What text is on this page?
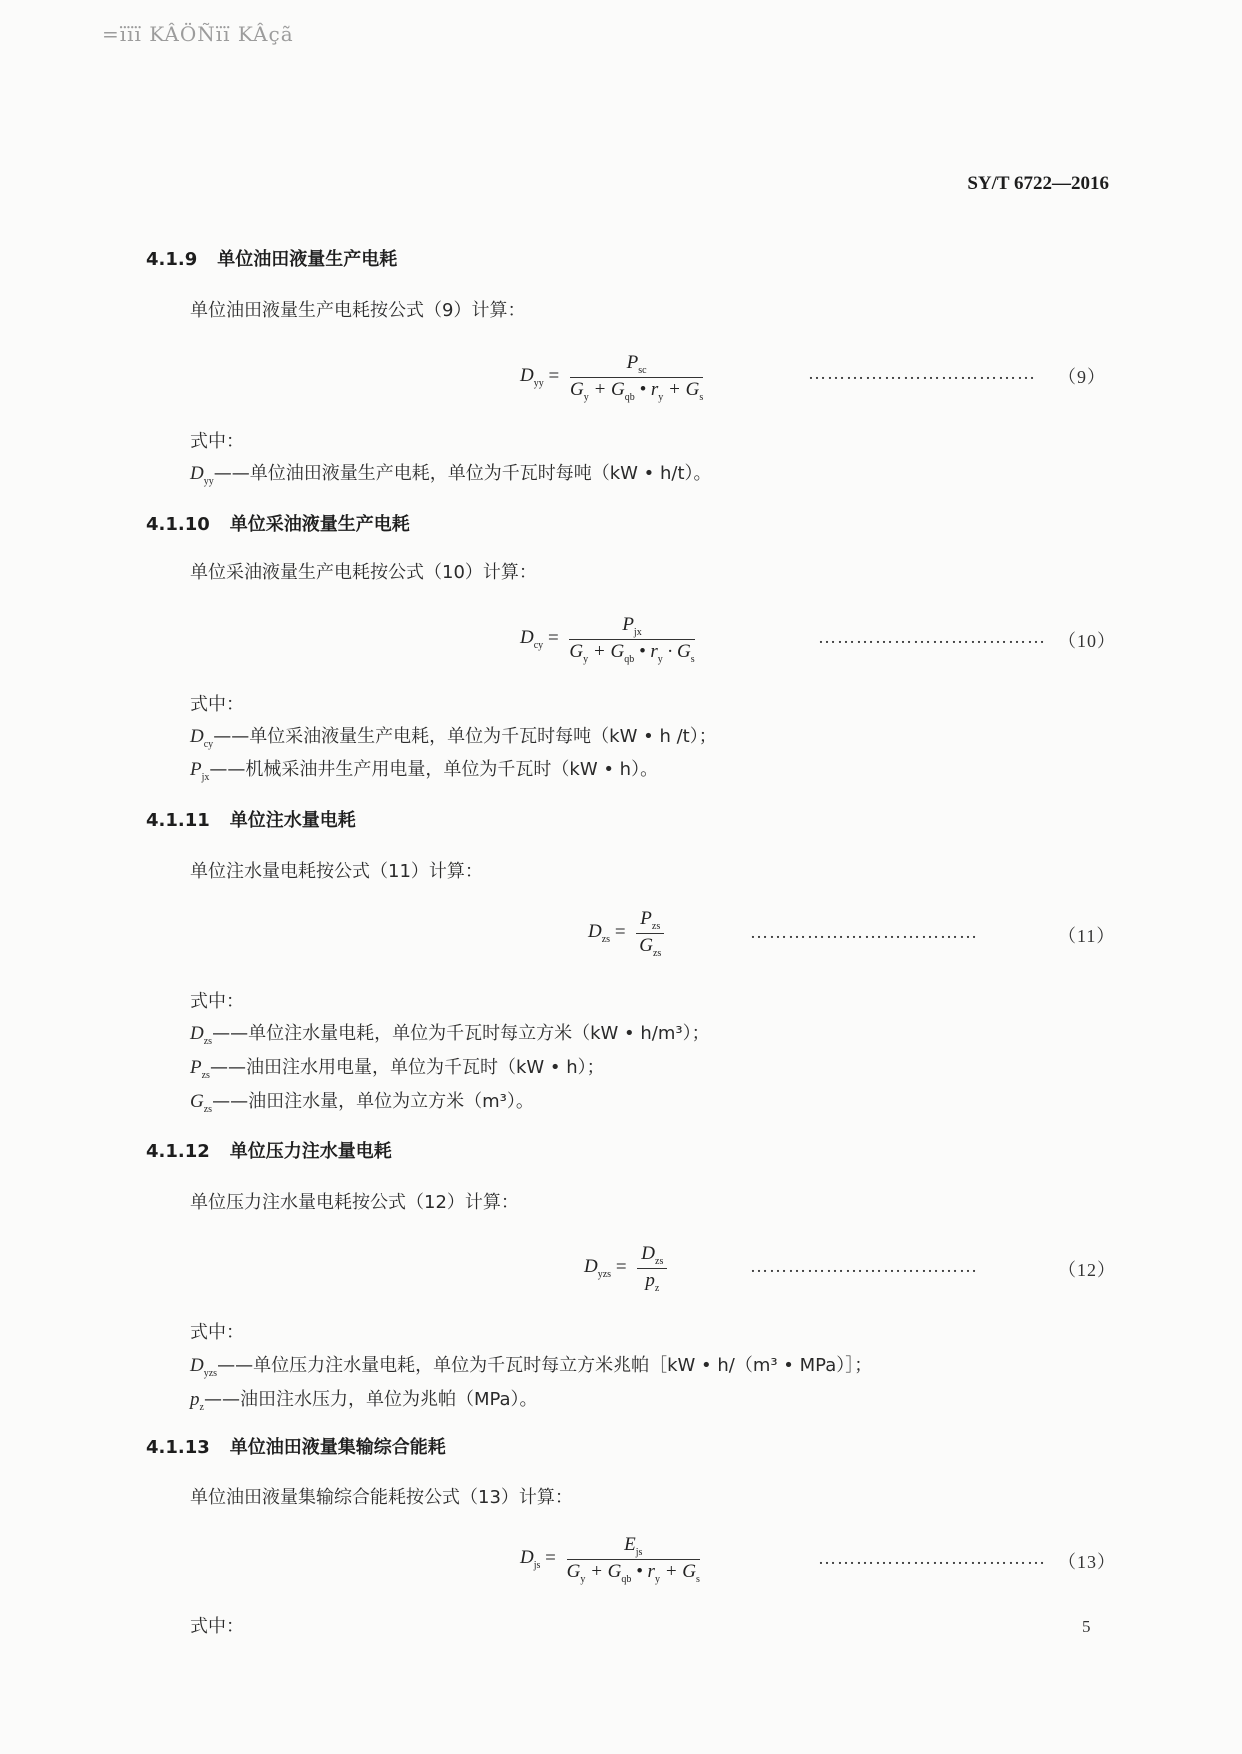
=ïïï KÂÖÑïï KÂçã
SY/T 6722—2016
4.1.9 单位油田液量生产电耗
单位油田液量生产电耗按公式（9）计算：
$D_{yy} = \frac{P_{sc}}{G_y + G_{qb} • r_y + G_s}$	……………………………… （9）
式中：
$D_{yy}——$单位油田液量生产电耗，单位为千瓦时每吨（kW • h/t）。
4.1.10 单位采油液量生产电耗
单位采油液量生产电耗按公式（10）计算：
$D_{cy} = \frac{P_{jx}}{G_y + G_{qb} • r_y \cdot G_s}$	……………………………… （10）
式中：
$D_{cy}——$单位采油液量生产电耗，单位为千瓦时每吨（kW • h /t）；
$P_{jx}——$机械采油井生产用电量，单位为千瓦时（kW • h）。
4.1.11 单位注水量电耗
单位注水量电耗按公式（11）计算：
$D_{zs} = \frac{P_{zs}}{G_{zs}}$	………………………………	（11）
式中：
$D_{zs}——$单位注水量电耗，单位为千瓦时每立方米（kW • h/m³）；
$P_{zs}——$油田注水用电量，单位为千瓦时（kW • h）；
$G_{zs}——$油田注水量，单位为立方米（m³）。
4.1.12 单位压力注水量电耗
单位压力注水量电耗按公式（12）计算：
$D_{yzs} = \frac{D_{zs}}{p_z}$	………………………………	（12）
式中：
$D_{yzs}——$单位压力注水量电耗，单位为千瓦时每立方米兆帕［kW • h/（m³ • MPa）］；
$p_z——$油田注水压力，单位为兆帕（MPa）。
4.1.13 单位油田液量集输综合能耗
单位油田液量集输综合能耗按公式（13）计算：
$D_{js} = \frac{E_{js}}{G_y + G_{qb} • r_y + G_s}$	……………………………… （13）
式中：	5
